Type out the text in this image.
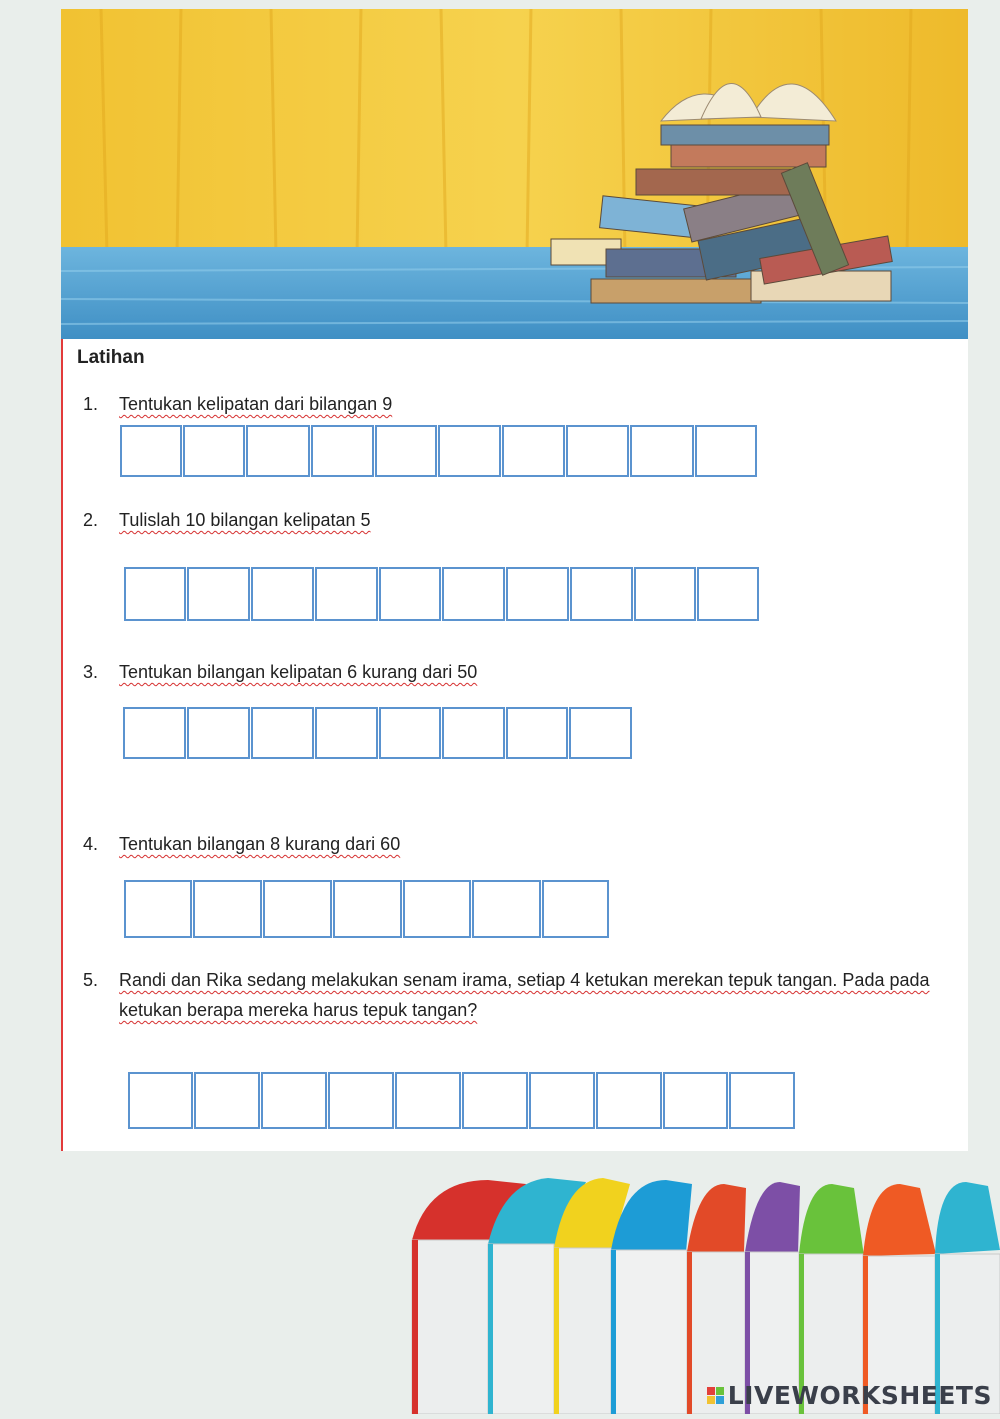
Latihan
1. Tentukan kelipatan dari bilangan 9
2. Tulislah 10 bilangan kelipatan 5
3. Tentukan bilangan kelipatan 6 kurang dari 50
4. Tentukan bilangan 8 kurang dari 60
5. Randi dan Rika sedang melakukan senam irama, setiap 4 ketukan merekan tepuk tangan. Pada pada ketukan berapa mereka harus tepuk tangan?
LIVEWORKSHEETS
